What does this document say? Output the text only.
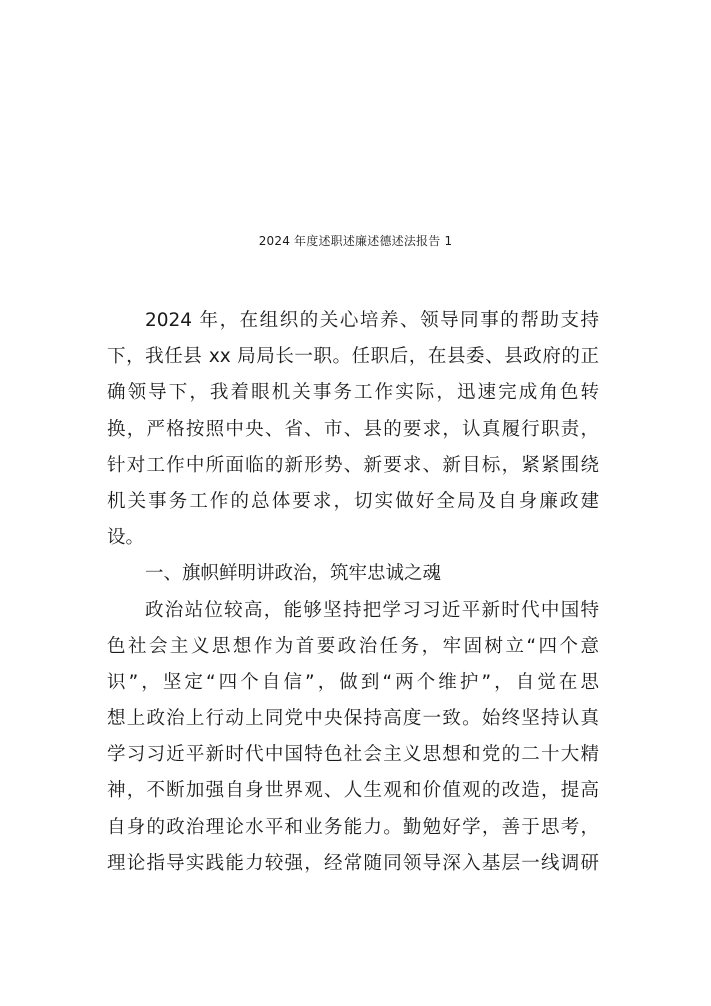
2024 年度述职述廉述德述法报告 1
2024 年，在组织的关心培养、领导同事的帮助支持
下，我任县 xx 局局长一职。任职后，在县委、县政府的正
确领导下，我着眼机关事务工作实际，迅速完成角色转
换，严格按照中央、省、市、县的要求，认真履行职责，
针对工作中所面临的新形势、新要求、新目标，紧紧围绕
机关事务工作的总体要求，切实做好全局及自身廉政建
设。
一、旗帜鲜明讲政治，筑牢忠诚之魂
政治站位较高，能够坚持把学习习近平新时代中国特
色社会主义思想作为首要政治任务，牢固树立“四个意
识”，坚定“四个自信”，做到“两个维护”，自觉在思
想上政治上行动上同党中央保持高度一致。始终坚持认真
学习习近平新时代中国特色社会主义思想和党的二十大精
神，不断加强自身世界观、人生观和价值观的改造，提高
自身的政治理论水平和业务能力。勤勉好学，善于思考，
理论指导实践能力较强，经常随同领导深入基层一线调研
